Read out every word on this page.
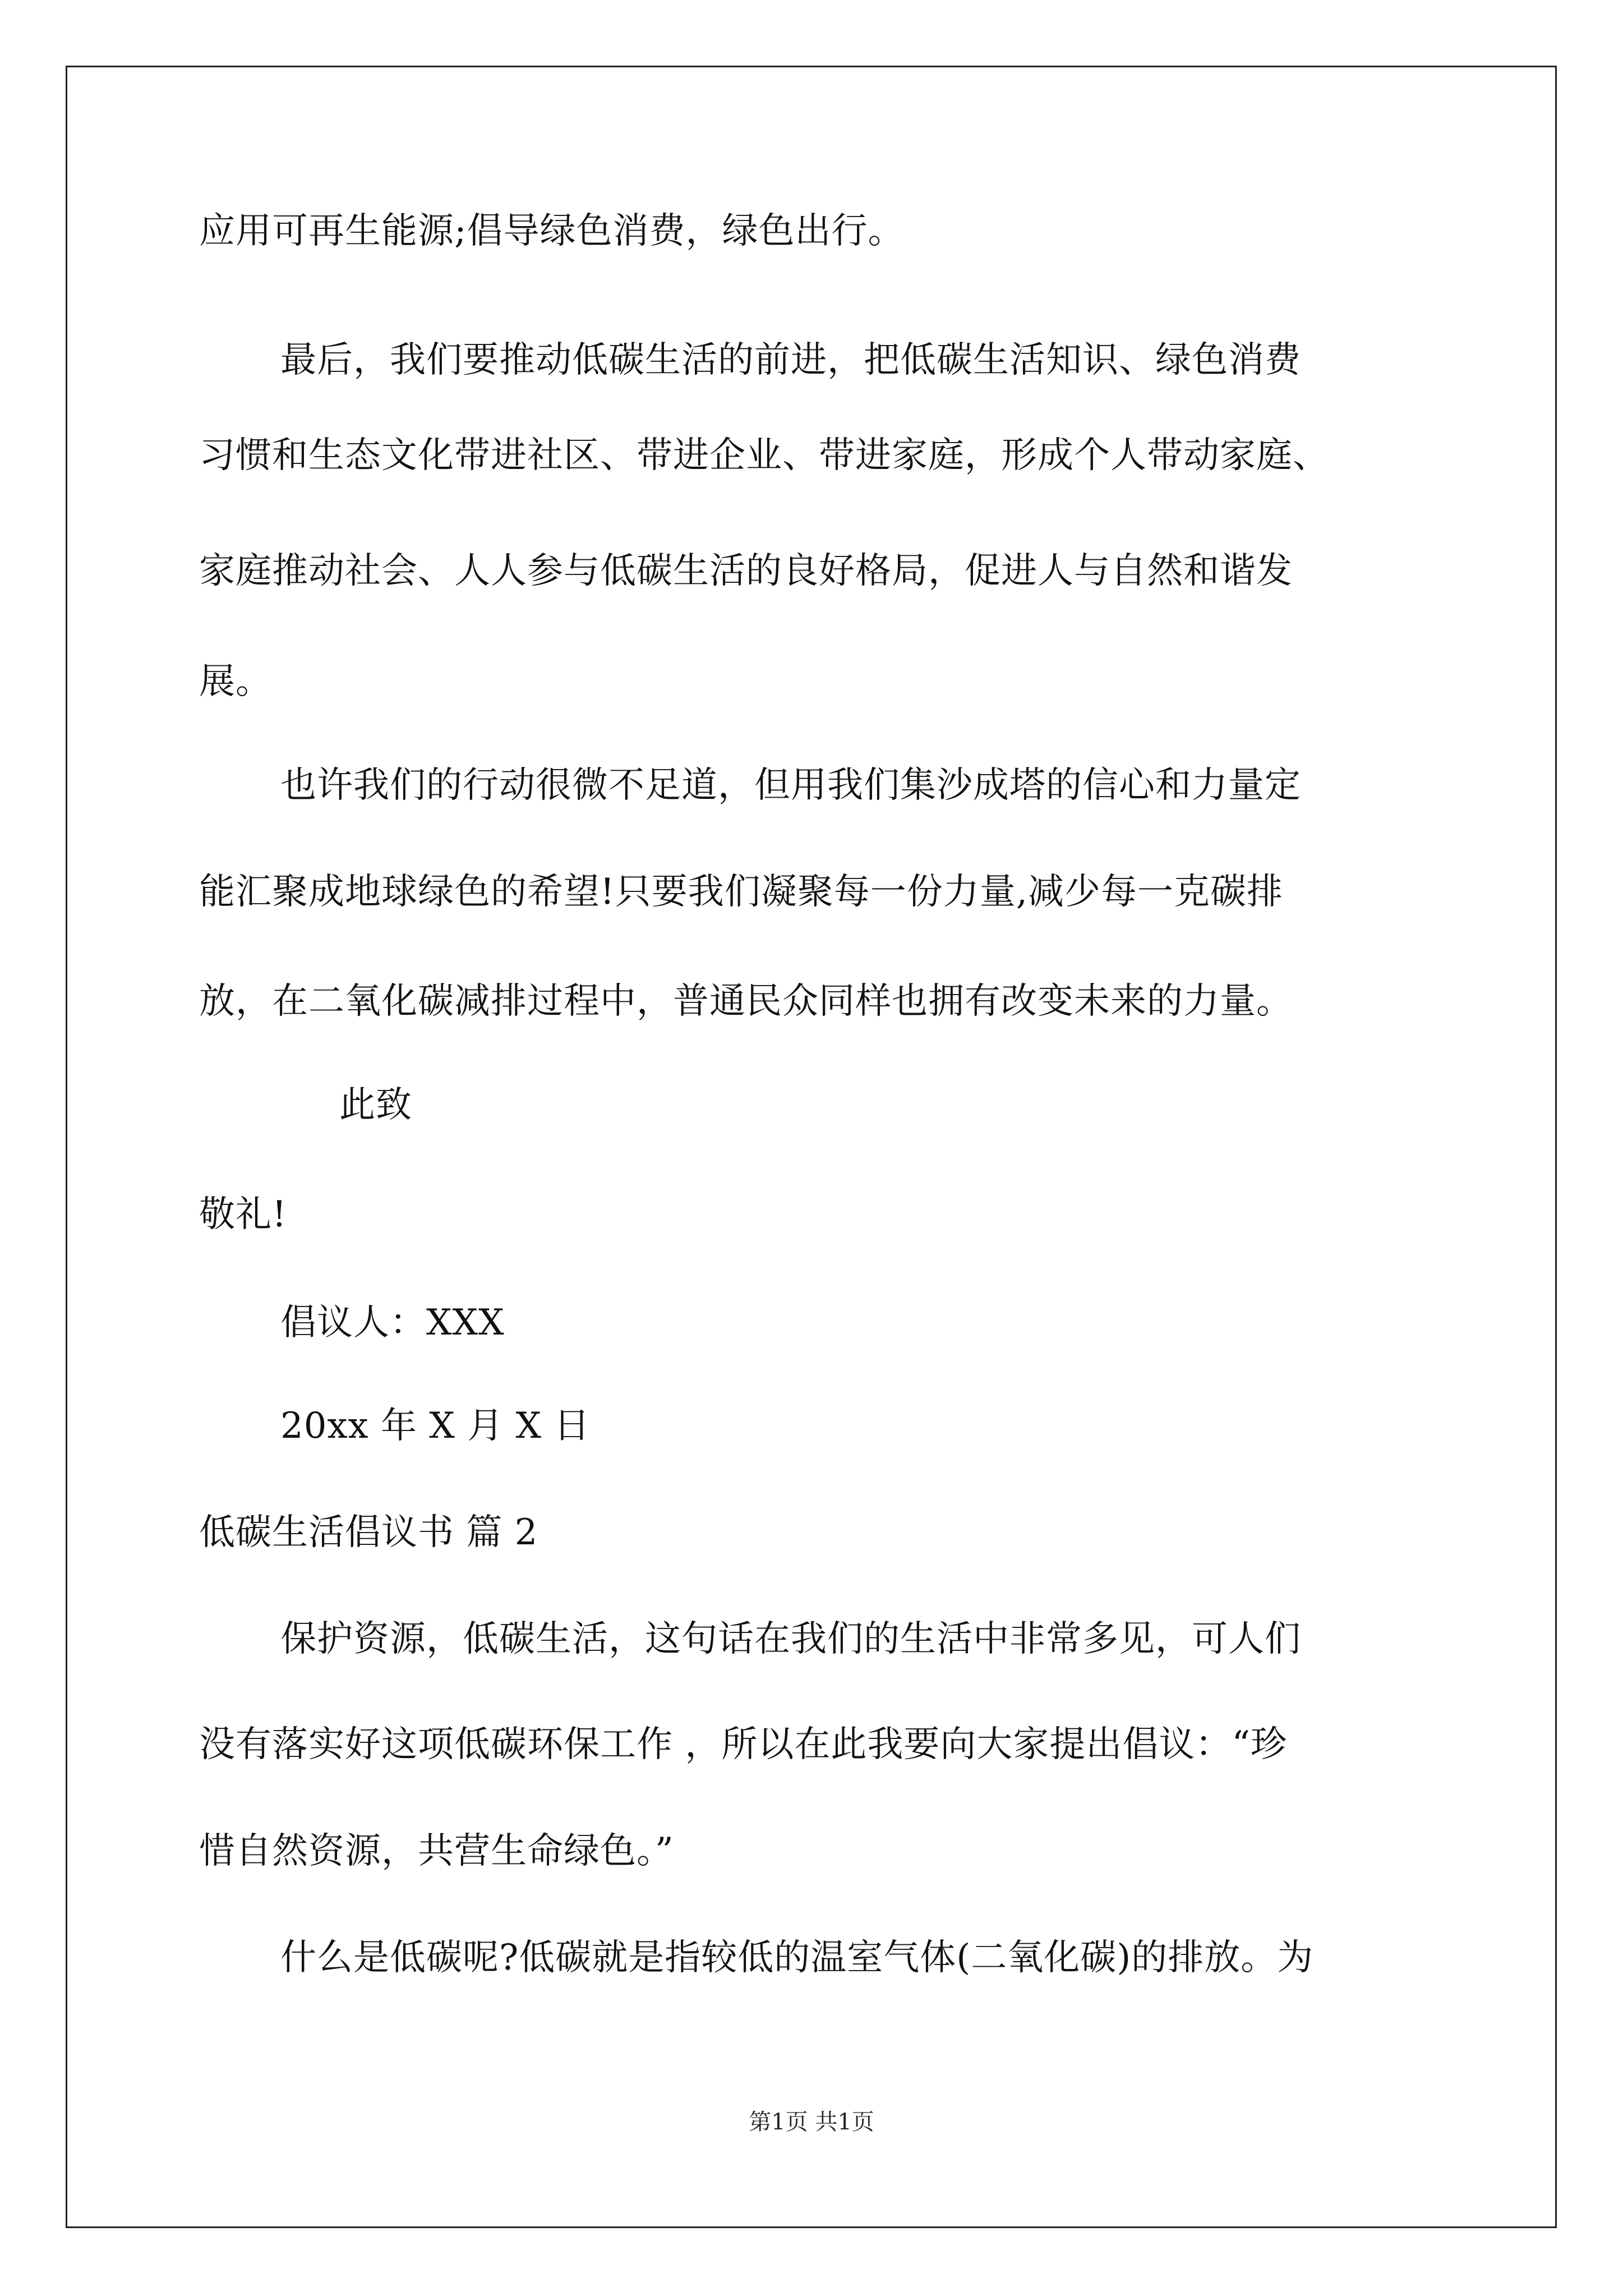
应用可再生能源;倡导绿色消费，绿色出行。
最后，我们要推动低碳生活的前进，把低碳生活知识、绿色消费
习惯和生态文化带进社区、带进企业、带进家庭，形成个人带动家庭、
家庭推动社会、人人参与低碳生活的良好格局，促进人与自然和谐发
展。
也许我们的行动很微不足道，但用我们集沙成塔的信心和力量定
能汇聚成地球绿色的希望!只要我们凝聚每一份力量,减少每一克碳排
放，在二氧化碳减排过程中，普通民众同样也拥有改变未来的力量。
此致
敬礼!
倡议人：XXX
20xx 年 X 月 X 日
低碳生活倡议书 篇 2
保护资源，低碳生活，这句话在我们的生活中非常多见，可人们
没有落实好这项低碳环保工作 ，所以在此我要向大家提出倡议：“珍
惜自然资源，共营生命绿色。”
什么是低碳呢?低碳就是指较低的温室气体(二氧化碳)的排放。为
第1页 共1页
